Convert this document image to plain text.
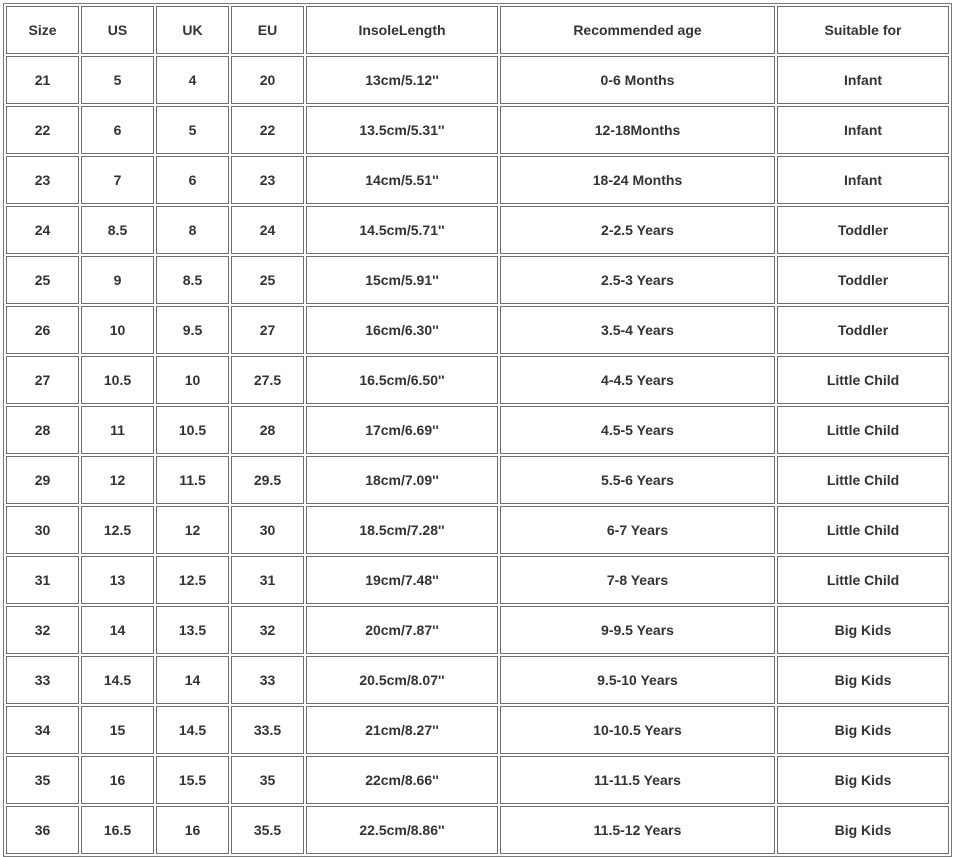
Size	US	UK	EU	InsoleLength	Recommended age	Suitable for
21	5	4	20	13cm/5.12''	0-6 Months	Infant
22	6	5	22	13.5cm/5.31''	12-18Months	Infant
23	7	6	23	14cm/5.51''	18-24 Months	Infant
24	8.5	8	24	14.5cm/5.71''	2-2.5 Years	Toddler
25	9	8.5	25	15cm/5.91''	2.5-3 Years	Toddler
26	10	9.5	27	16cm/6.30''	3.5-4 Years	Toddler
27	10.5	10	27.5	16.5cm/6.50''	4-4.5 Years	Little Child
28	11	10.5	28	17cm/6.69''	4.5-5 Years	Little Child
29	12	11.5	29.5	18cm/7.09''	5.5-6 Years	Little Child
30	12.5	12	30	18.5cm/7.28''	6-7 Years	Little Child
31	13	12.5	31	19cm/7.48''	7-8 Years	Little Child
32	14	13.5	32	20cm/7.87''	9-9.5 Years	Big Kids
33	14.5	14	33	20.5cm/8.07''	9.5-10 Years	Big Kids
34	15	14.5	33.5	21cm/8.27''	10-10.5 Years	Big Kids
35	16	15.5	35	22cm/8.66''	11-11.5 Years	Big Kids
36	16.5	16	35.5	22.5cm/8.86''	11.5-12 Years	Big Kids
